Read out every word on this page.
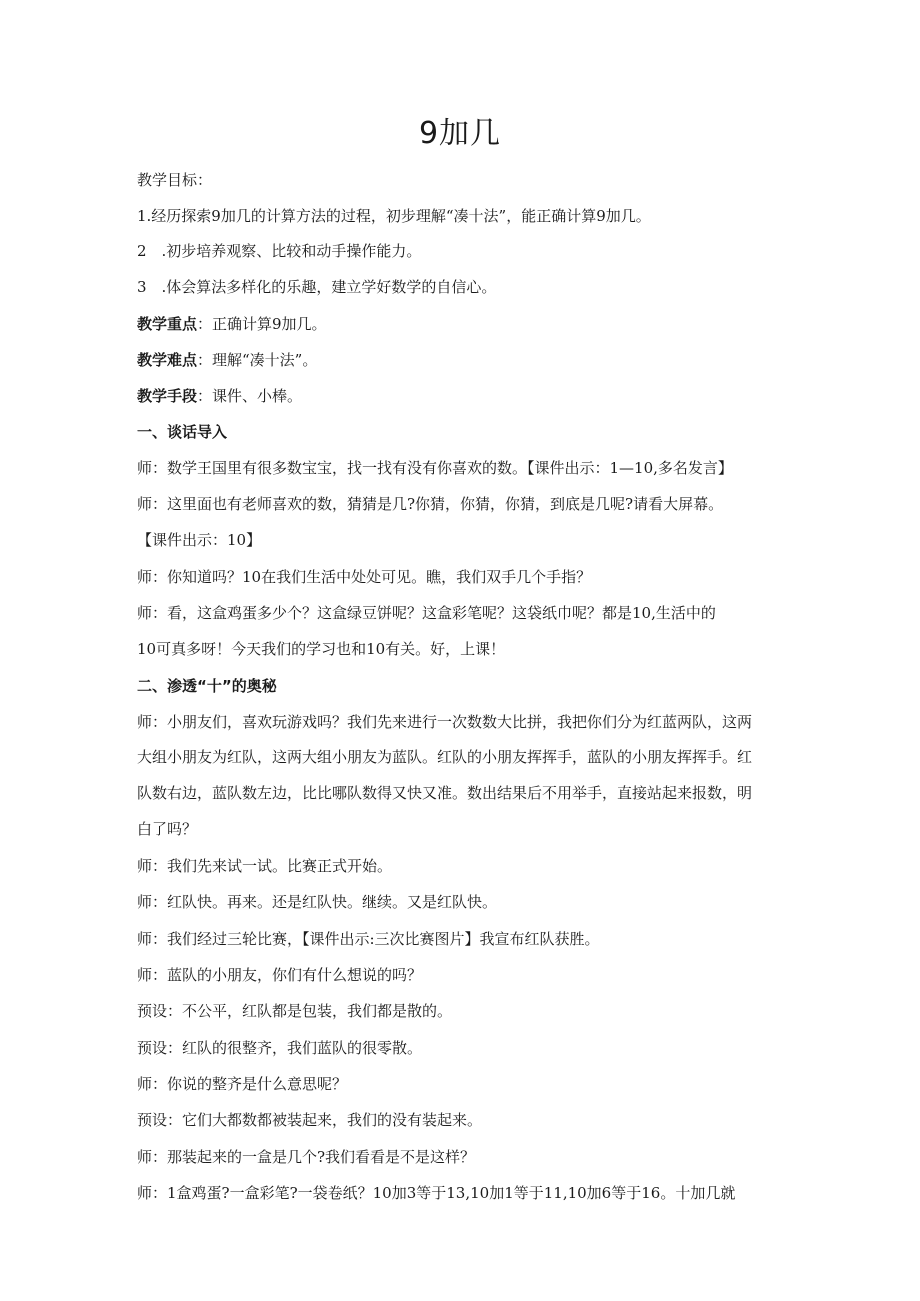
9加几
教学目标：
1.经历探索9加几的计算方法的过程，初步理解“凑十法”，能正确计算9加几。
2　.初步培养观察、比较和动手操作能力。
3　.体会算法多样化的乐趣，建立学好数学的自信心。
教学重点：正确计算9加几。
教学难点：理解“凑十法”。
教学手段：课件、小棒。
一、谈话导入
师：数学王国里有很多数宝宝，找一找有没有你喜欢的数。【课件出示：1—10,多名发言】
师：这里面也有老师喜欢的数，猜猜是几?你猜，你猜，你猜，到底是几呢?请看大屏幕。
【课件出示：10】
师：你知道吗？10在我们生活中处处可见。瞧，我们双手几个手指？
师：看，这盒鸡蛋多少个？这盒绿豆饼呢？这盒彩笔呢？这袋纸巾呢？都是10,生活中的
10可真多呀！今天我们的学习也和10有关。好，上课！
二、渗透“十”的奥秘
师：小朋友们，喜欢玩游戏吗？我们先来进行一次数数大比拼，我把你们分为红蓝两队，这两
大组小朋友为红队，这两大组小朋友为蓝队。红队的小朋友挥挥手，蓝队的小朋友挥挥手。红
队数右边，蓝队数左边，比比哪队数得又快又准。数出结果后不用举手，直接站起来报数，明
白了吗？
师：我们先来试一试。比赛正式开始。
师：红队快。再来。还是红队快。继续。又是红队快。
师：我们经过三轮比赛，【课件出示:三次比赛图片】我宣布红队获胜。
师：蓝队的小朋友，你们有什么想说的吗？
预设：不公平，红队都是包装，我们都是散的。
预设：红队的很整齐，我们蓝队的很零散。
师：你说的整齐是什么意思呢？
预设：它们大都数都被装起来，我们的没有装起来。
师：那装起来的一盒是几个?我们看看是不是这样？
师：1盒鸡蛋?一盒彩笔?一袋卷纸？10加3等于13,10加1等于11,10加6等于16。十加几就
